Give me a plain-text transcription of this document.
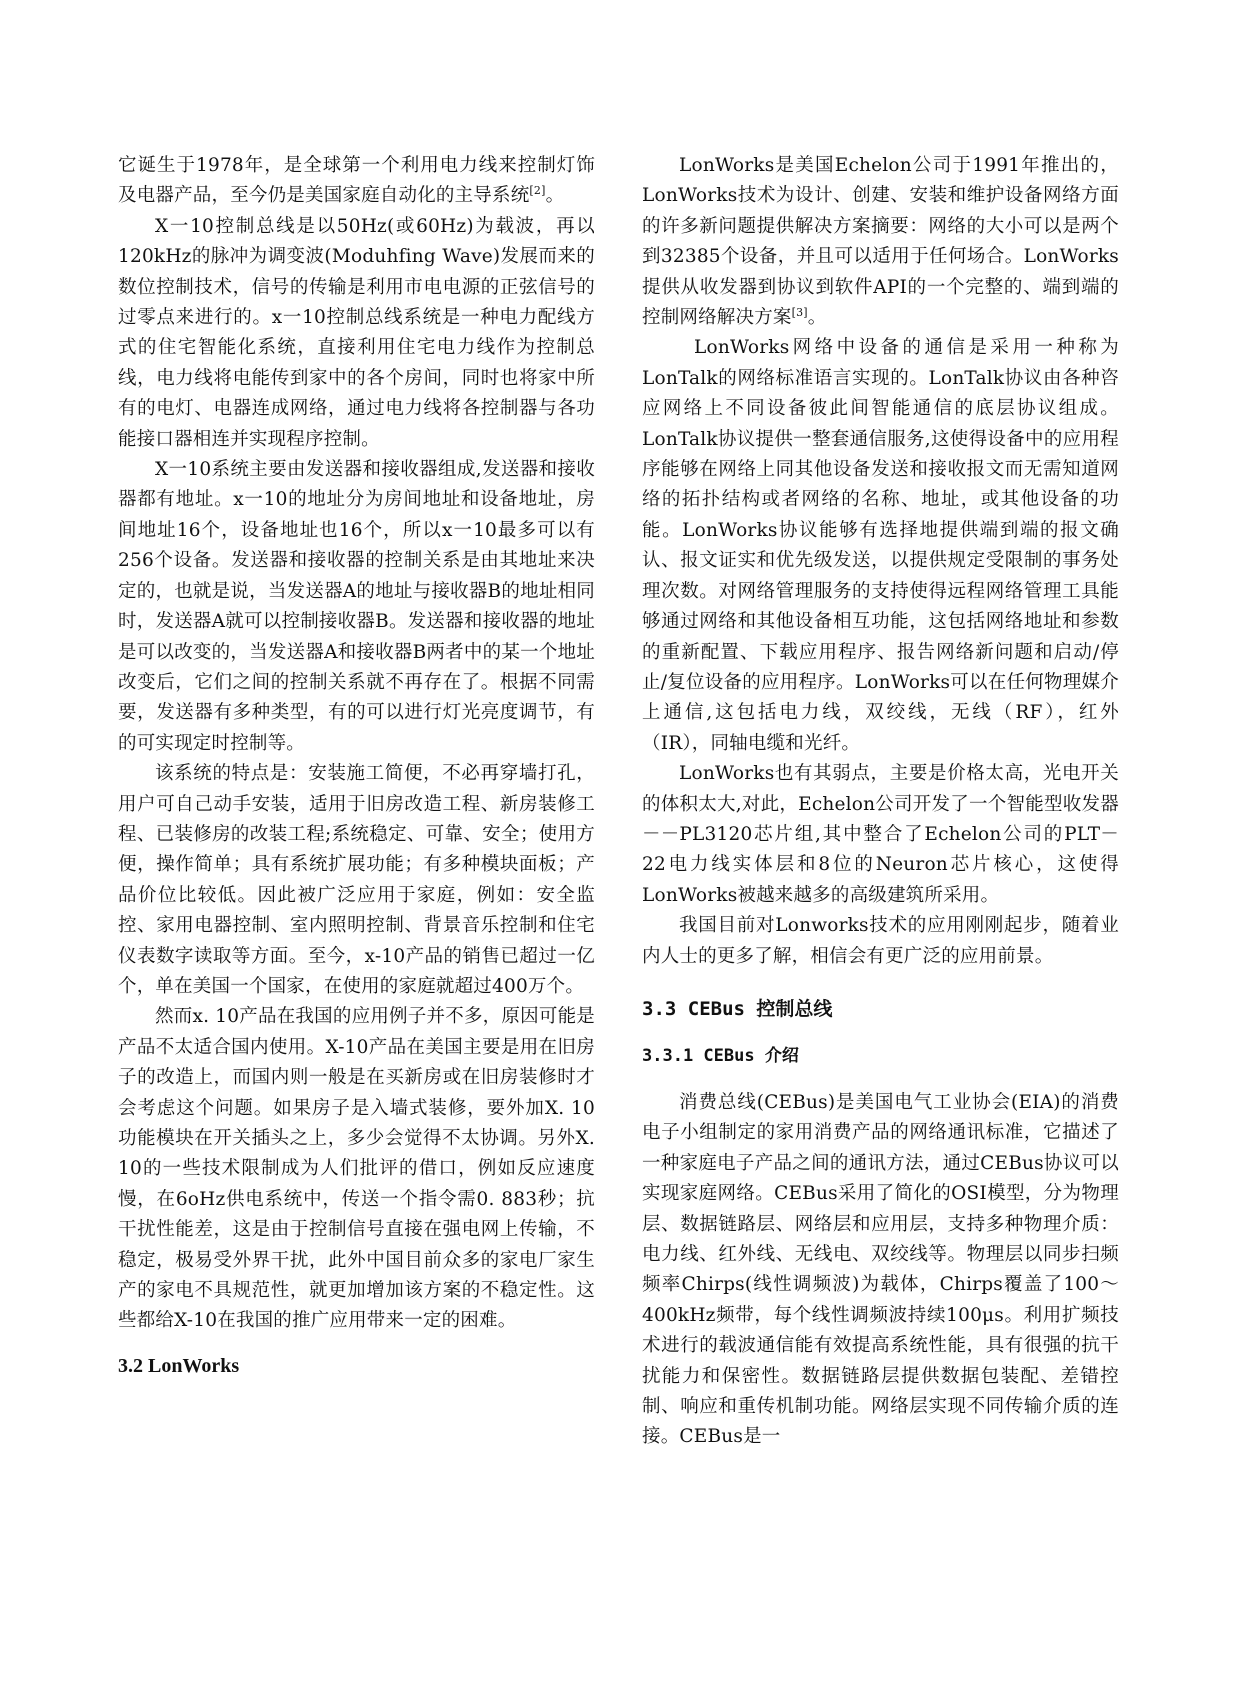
它诞生于1978年，是全球第一个利用电力线来控制灯饰及电器产品，至今仍是美国家庭自动化的主导系统[2]。

X一10控制总线是以50Hz(或60Hz)为载波，再以120kHz的脉冲为调变波(Moduhfing Wave)发展而来的数位控制技术，信号的传输是利用市电电源的正弦信号的过零点来进行的。x一10控制总线系统是一种电力配线方式的住宅智能化系统，直接利用住宅电力线作为控制总线，电力线将电能传到家中的各个房间，同时也将家中所有的电灯、电器连成网络，通过电力线将各控制器与各功能接口器相连并实现程序控制。

X一10系统主要由发送器和接收器组成,发送器和接收器都有地址。x一10的地址分为房间地址和设备地址，房间地址16个，设备地址也16个，所以x一10最多可以有256个设备。发送器和接收器的控制关系是由其地址来决定的，也就是说，当发送器A的地址与接收器B的地址相同时，发送器A就可以控制接收器B。发送器和接收器的地址是可以改变的，当发送器A和接收器B两者中的某一个地址改变后，它们之间的控制关系就不再存在了。根据不同需要，发送器有多种类型，有的可以进行灯光亮度调节，有的可实现定时控制等。

该系统的特点是：安装施工简便，不必再穿墙打孔，用户可自己动手安装，适用于旧房改造工程、新房装修工程、已装修房的改装工程;系统稳定、可靠、安全；使用方便，操作简单；具有系统扩展功能；有多种模块面板；产品价位比较低。因此被广泛应用于家庭，例如：安全监控、家用电器控制、室内照明控制、背景音乐控制和住宅仪表数字读取等方面。至今，x-10产品的销售已超过一亿个，单在美国一个国家，在使用的家庭就超过400万个。

然而x. 10产品在我国的应用例子并不多，原因可能是产品不太适合国内使用。X-10产品在美国主要是用在旧房子的改造上，而国内则一般是在买新房或在旧房装修时才会考虑这个问题。如果房子是入墙式装修，要外加X. 10功能模块在开关插头之上，多少会觉得不太协调。另外X. 10的一些技术限制成为人们批评的借口，例如反应速度慢，在6oHz供电系统中，传送一个指令需0. 883秒；抗干扰性能差，这是由于控制信号直接在强电网上传输，不稳定，极易受外界干扰，此外中国目前众多的家电厂家生产的家电不具规范性，就更加增加该方案的不稳定性。这些都给X-10在我国的推广应用带来一定的困难。

3.2 LonWorks

LonWorks是美国Echelon公司于1991年推出的，LonWorks技术为设计、创建、安装和维护设备网络方面的许多新问题提供解决方案摘要：网络的大小可以是两个到32385个设备，并且可以适用于任何场合。LonWorks提供从收发器到协议到软件API的一个完整的、端到端的控制网络解决方案[3]。

LonWorks网络中设备的通信是采用一种称为LonTalk的网络标准语言实现的。LonTalk协议由各种咨应网络上不同设备彼此间智能通信的底层协议组成。LonTalk协议提供一整套通信服务,这使得设备中的应用程序能够在网络上同其他设备发送和接收报文而无需知道网络的拓扑结构或者网络的名称、地址，或其他设备的功能。LonWorks协议能够有选择地提供端到端的报文确认、报文证实和优先级发送，以提供规定受限制的事务处理次数。对网络管理服务的支持使得远程网络管理工具能够通过网络和其他设备相互功能，这包括网络地址和参数的重新配置、下载应用程序、报告网络新问题和启动/停止/复位设备的应用程序。LonWorks可以在任何物理媒介上通信,这包括电力线，双绞线，无线（RF），红外（IR），同轴电缆和光纤。

LonWorks也有其弱点，主要是价格太高，光电开关的体积太大,对此，Echelon公司开发了一个智能型收发器－－PL3120芯片组,其中整合了Echelon公司的PLT－22电力线实体层和8位的Neuron芯片核心，这使得LonWorks被越来越多的高级建筑所采用。

我国目前对Lonworks技术的应用刚刚起步，随着业内人士的更多了解，相信会有更广泛的应用前景。

3.3 CEBus 控制总线
3.3.1 CEBus 介绍

消费总线(CEBus)是美国电气工业协会(EIA)的消费电子小组制定的家用消费产品的网络通讯标准，它描述了一种家庭电子产品之间的通讯方法，通过CEBus协议可以实现家庭网络。CEBus采用了简化的OSI模型，分为物理层、数据链路层、网络层和应用层，支持多种物理介质：电力线、红外线、无线电、双绞线等。物理层以同步扫频频率Chirps(线性调频波)为载体，Chirps覆盖了100～400kHz频带，每个线性调频波持续100μs。利用扩频技术进行的载波通信能有效提高系统性能，具有很强的抗干扰能力和保密性。数据链路层提供数据包装配、差错控制、响应和重传机制功能。网络层实现不同传输介质的连接。CEBus是一
